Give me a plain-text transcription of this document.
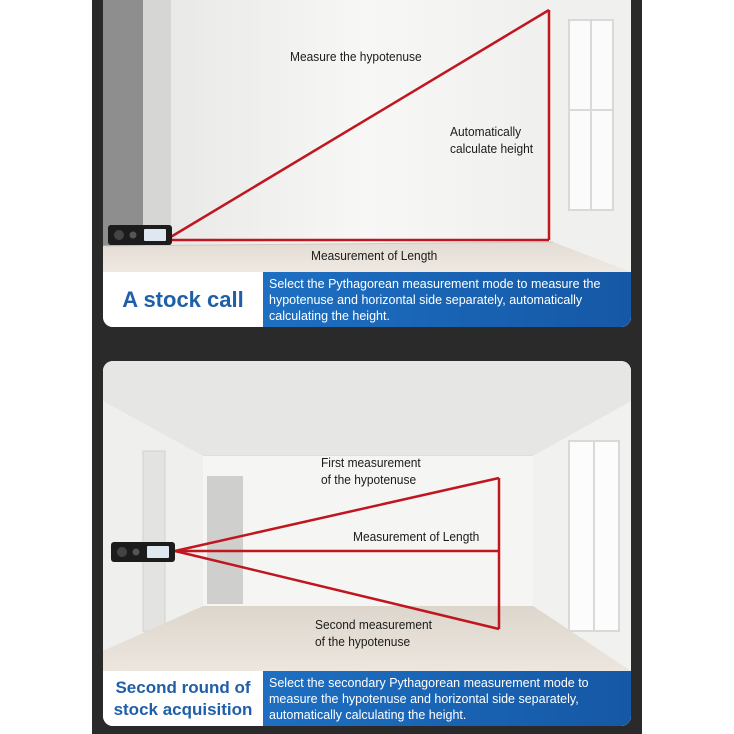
Measure the hypotenuse
Automatically
calculate height
Measurement of Length
A stock call
Select the Pythagorean measurement mode to measure the
hypotenuse and horizontal side separately, automatically
calculating the height.
First measurement
of the hypotenuse
Measurement of Length
Second measurement
of the hypotenuse
Second round of
stock acquisition
Select the secondary Pythagorean measurement mode to
measure the hypotenuse and horizontal side separately,
automatically calculating the height.
